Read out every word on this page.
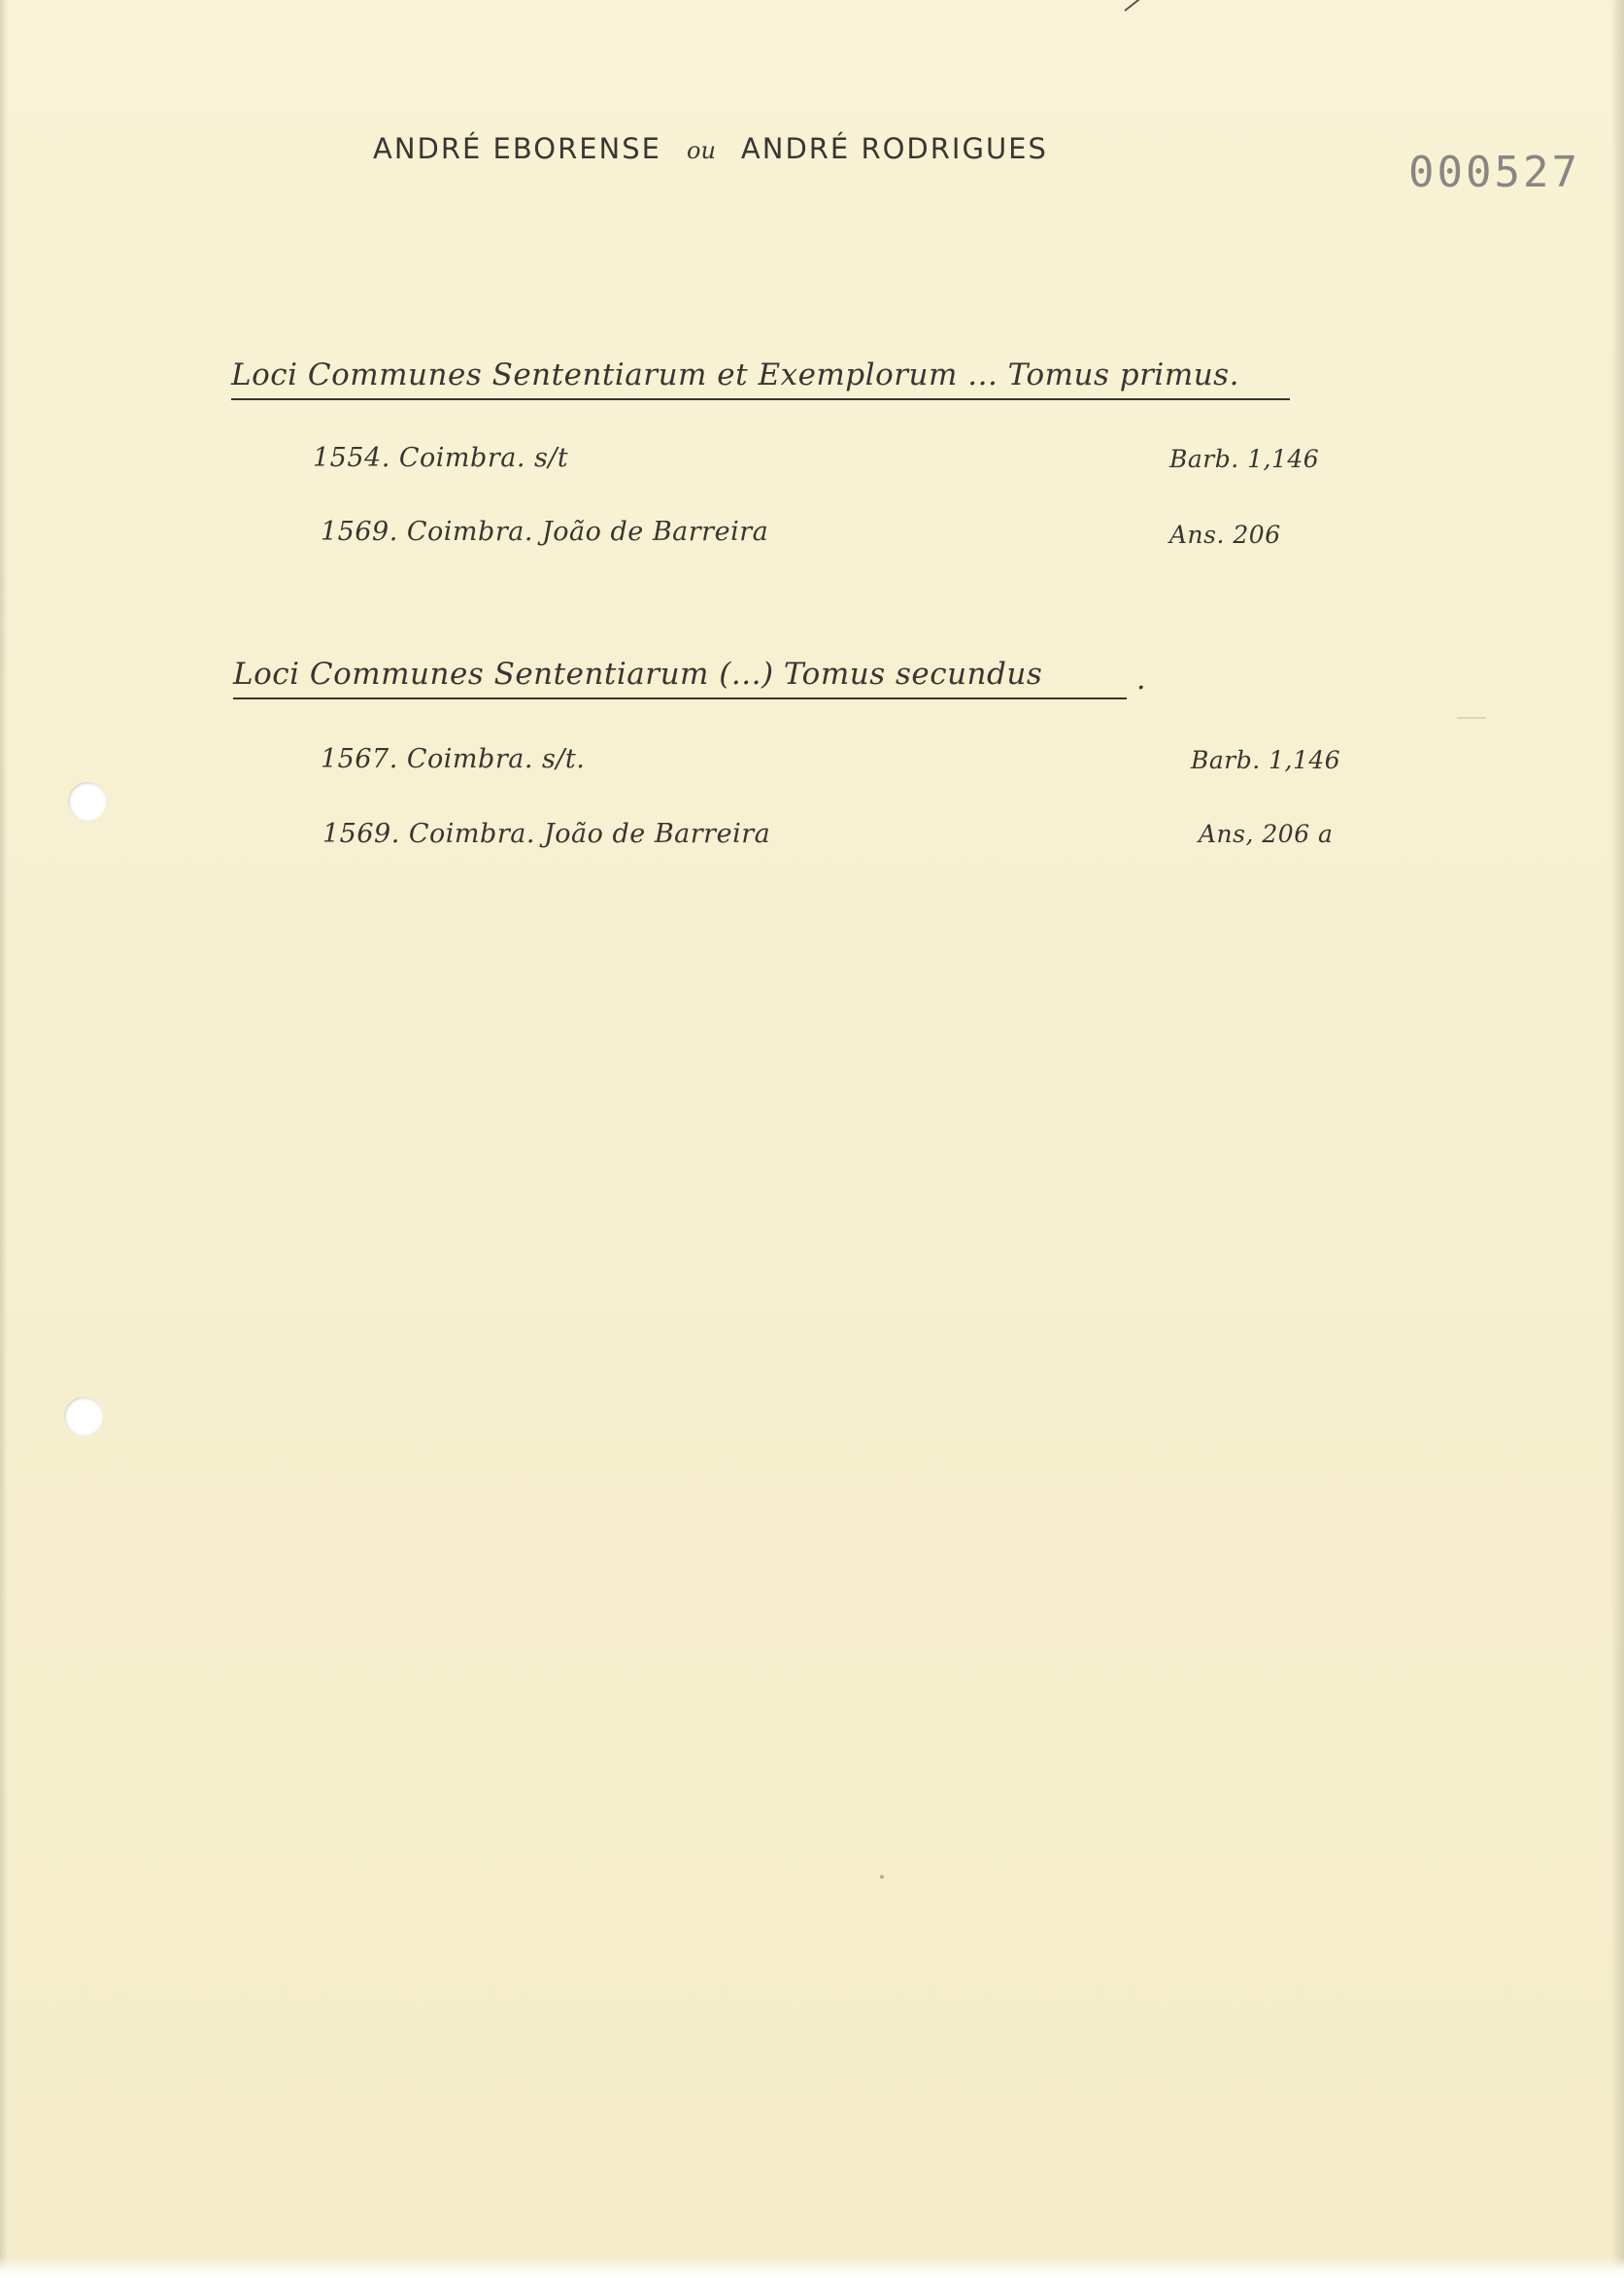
ANDRÉ EBORENSE ou ANDRÉ RODRIGUES	000527
Loci Communes Sententiarum et Exemplorum ... Tomus primus.
1554. Coimbra. s/t	Barb. 1,146
1569. Coimbra. João de Barreira	Ans. 206
Loci Communes Sententiarum (...) Tomus secundus	.
1567. Coimbra. s/t.	Barb. 1,146
1569. Coimbra. João de Barreira	Ans, 206 a
